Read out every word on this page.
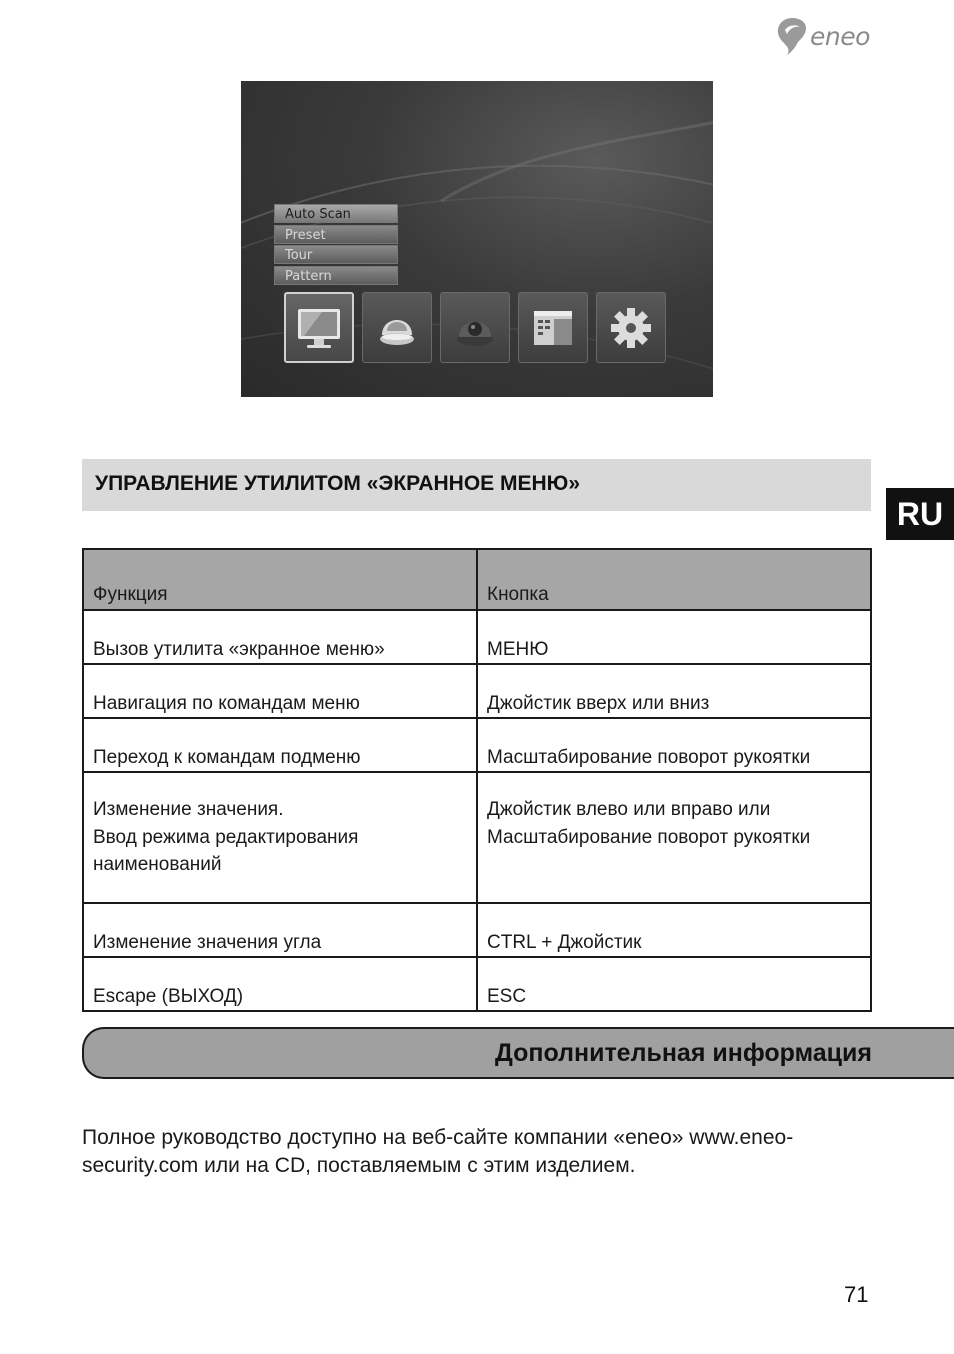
eneo
Auto Scan
Preset
Tour
Pattern
УПРАВЛЕНИЕ УТИЛИТОМ «ЭКРАННОЕ МЕНЮ»
RU
Функция	Кнопка

Вызов утилита «экранное меню»	МЕНЮ

Навигация по командам меню	Джойстик вверх или вниз

Переход к командам подменю	Масштабирование поворот рукоятки

Изменение значения.
Ввод режима редактирования
наименований	Джойстик влево или вправо или
Масштабирование поворот рукоятки

Изменение значения угла	CTRL + Джойстик

Escape (ВЫХОД)	ESC
Дополнительная информация
Полное руководство доступно на веб-сайте компании «eneo» www.eneo-security.com или на CD, поставляемым с этим изделием.
71
